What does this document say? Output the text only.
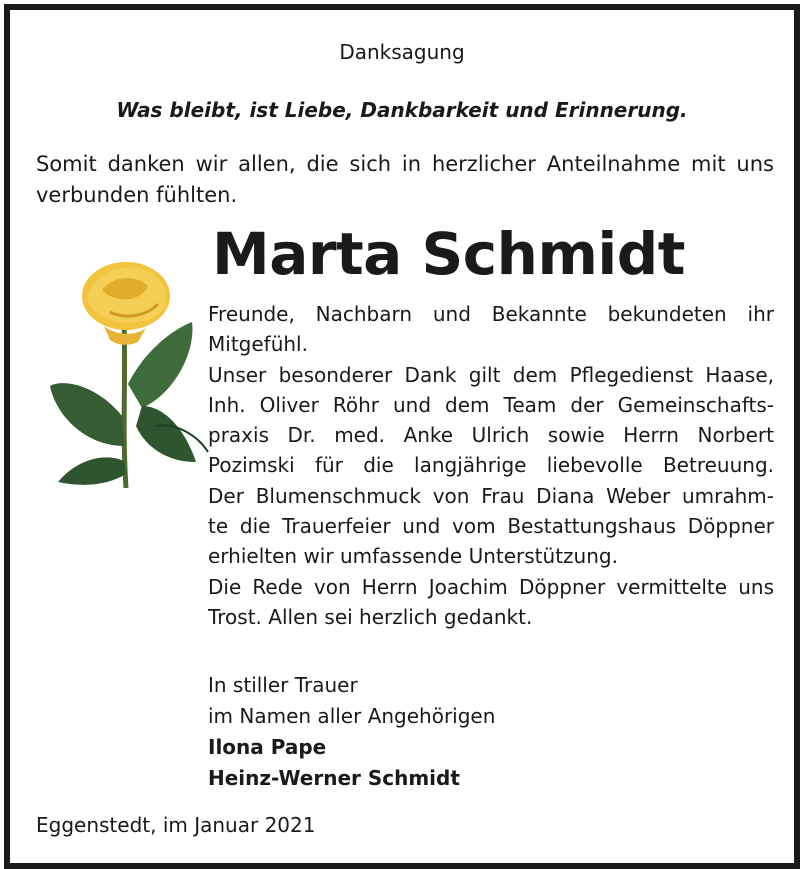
Danksagung
Was bleibt, ist Liebe, Dankbarkeit und Erinnerung.
Somit danken wir allen, die sich in herzlicher Anteilnahme mit uns
verbunden fühlten.
Marta Schmidt
Freunde, Nachbarn und Bekannte bekundeten ihr
Mitgefühl.
Unser besonderer Dank gilt dem Pflegedienst Haase,
Inh. Oliver Röhr und dem Team der Gemeinschafts-
praxis Dr. med. Anke Ulrich sowie Herrn Norbert
Pozimski für die langjährige liebevolle Betreuung.
Der Blumenschmuck von Frau Diana Weber umrahm-
te die Trauerfeier und vom Bestattungshaus Döppner
erhielten wir umfassende Unterstützung.
Die Rede von Herrn Joachim Döppner vermittelte uns
Trost. Allen sei herzlich gedankt.
In stiller Trauer
im Namen aller Angehörigen
Ilona Pape
Heinz-Werner Schmidt
Eggenstedt, im Januar 2021
